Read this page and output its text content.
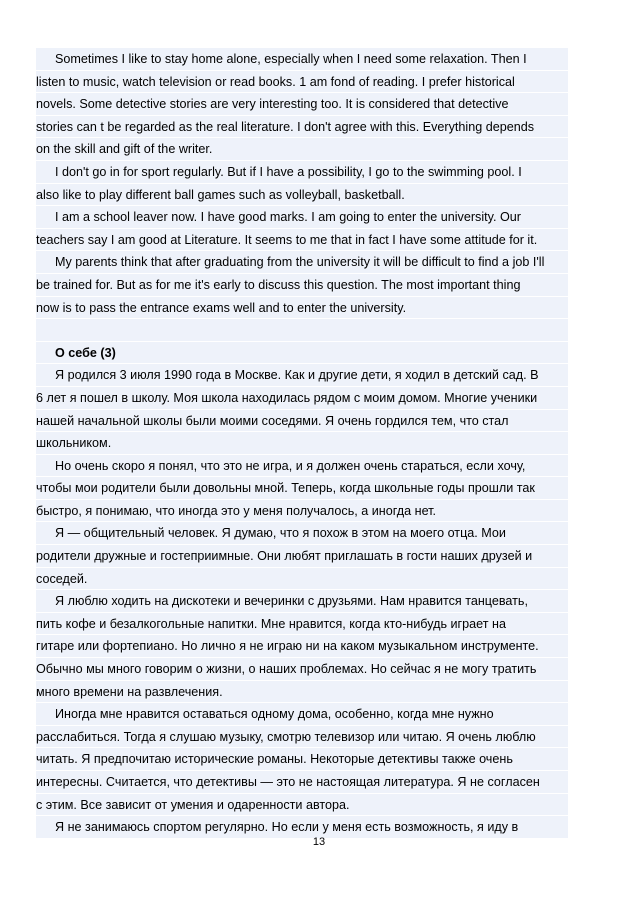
Sometimes I like to stay home alone, especially when I need some relaxation. Then I
listen to music, watch television or read books. 1 am fond of reading. I prefer historical
novels. Some detective stories are very interesting too. It is considered that detective
stories can t be regarded as the real literature. I don't agree with this. Everything depends
on the skill and gift of the writer.
I don't go in for sport regularly. But if I have a possibility, I go to the swimming pool. I
also like to play different ball games such as volleyball, basketball.
I am a school leaver now. I have good marks. I am going to enter the university. Our
teachers say I am good at Literature. It seems to me that in fact I have some attitude for it.
My parents think that after graduating from the university it will be difficult to find a job I'll
be trained for. But as for me it's early to discuss this question. The most important thing
now is to pass the entrance exams well and to enter the university.
О себе (3)
Я родился 3 июля 1990 года в Москве. Как и другие дети, я ходил в детский сад. В
6 лет я пошел в школу. Моя школа находилась рядом с моим домом. Многие ученики
нашей начальной школы были моими соседями. Я очень гордился тем, что стал
школьником.
Но очень скоро я понял, что это не игра, и я должен очень стараться, если хочу,
чтобы мои родители были довольны мной. Теперь, когда школьные годы прошли так
быстро, я понимаю, что иногда это у меня получалось, а иногда нет.
Я — общительный человек. Я думаю, что я похож в этом на моего отца. Мои
родители дружные и гостеприимные. Они любят приглашать в гости наших друзей и
соседей.
Я люблю ходить на дискотеки и вечеринки с друзьями. Нам нравится танцевать,
пить кофе и безалкогольные напитки. Мне нравится, когда кто-нибудь играет на
гитаре или фортепиано. Но лично я не играю ни на каком музыкальном инструменте.
Обычно мы много говорим о жизни, о наших проблемах. Но сейчас я не могу тратить
много времени на развлечения.
Иногда мне нравится оставаться одному дома, особенно, когда мне нужно
расслабиться. Тогда я слушаю музыку, смотрю телевизор или читаю. Я очень люблю
читать. Я предпочитаю исторические романы. Некоторые детективы также очень
интересны. Считается, что детективы — это не настоящая литература. Я не согласен
с этим. Все зависит от умения и одаренности автора.
Я не занимаюсь спортом регулярно. Но если у меня есть возможность, я иду в
13
